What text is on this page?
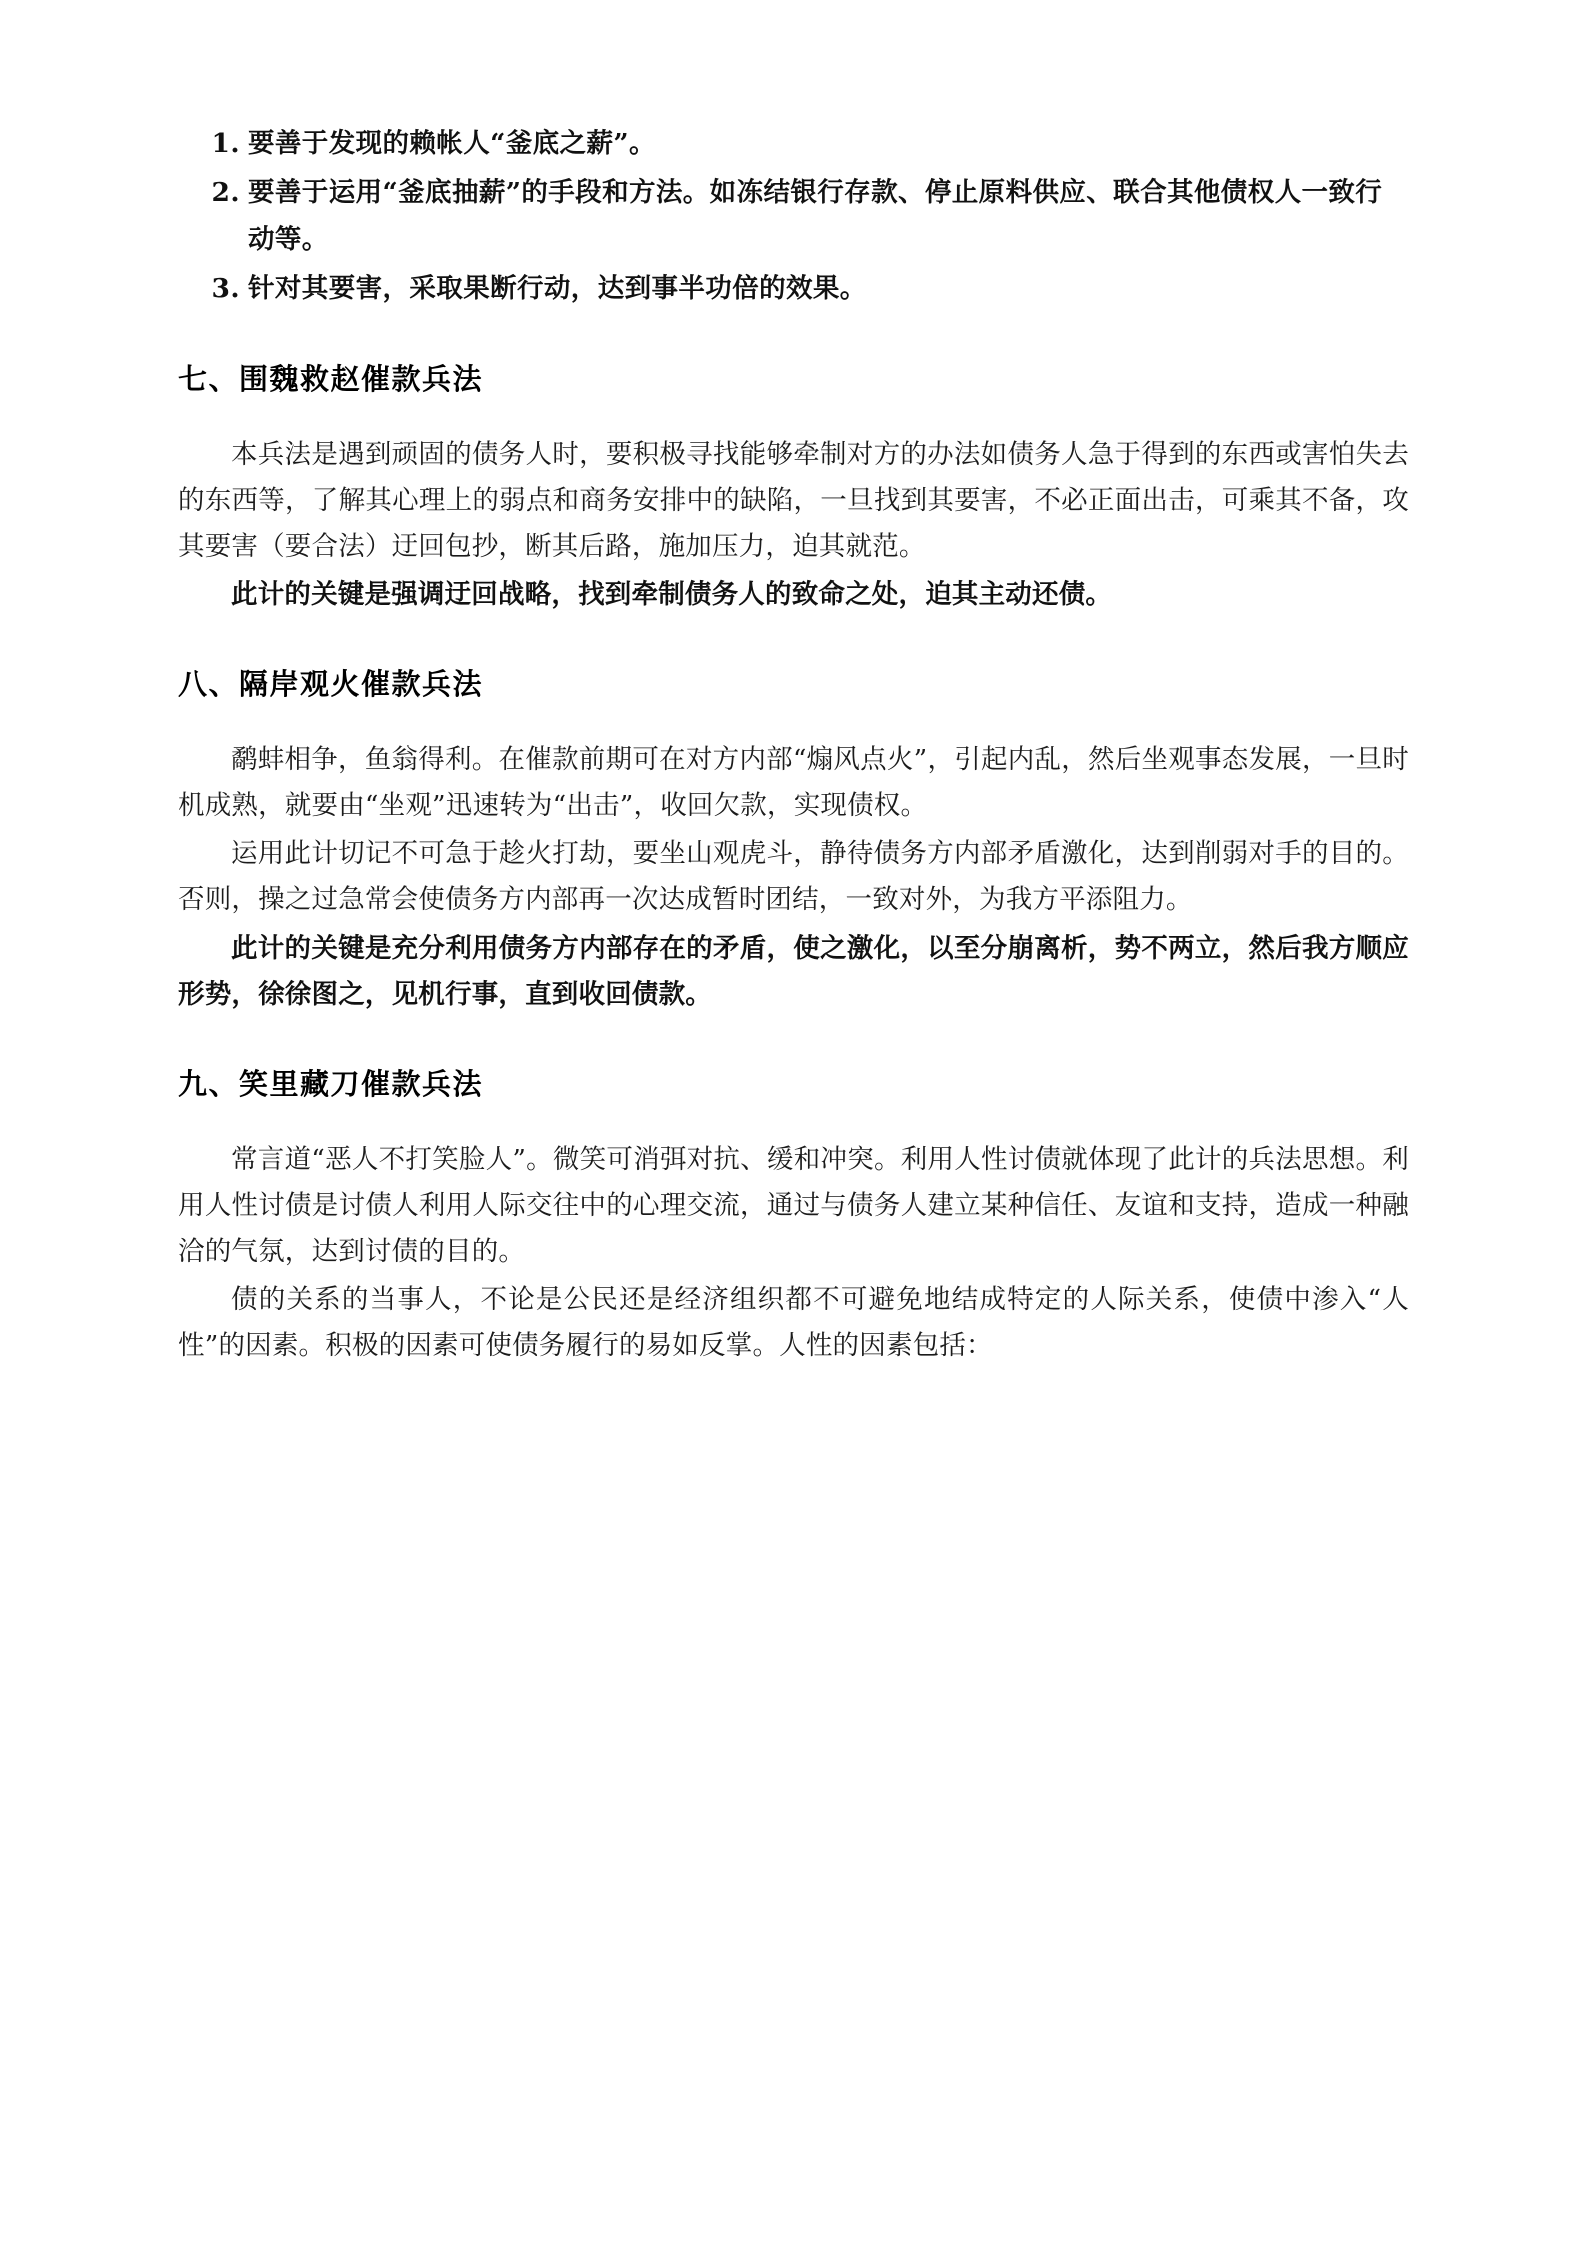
1. 要善于发现的赖帐人“釜底之薪”。
2. 要善于运用“釜底抽薪”的手段和方法。如冻结银行存款、停止原料供应、联合其他债权人一致行动等。
3. 针对其要害，采取果断行动，达到事半功倍的效果。
七、围魏救赵催款兵法

本兵法是遇到顽固的债务人时，要积极寻找能够牵制对方的办法如债务人急于得到的东西或害怕失去的东西等，了解其心理上的弱点和商务安排中的缺陷，一旦找到其要害，不必正面出击，可乘其不备，攻其要害（要合法）迂回包抄，断其后路，施加压力，迫其就范。

此计的关键是强调迂回战略，找到牵制债务人的致命之处，迫其主动还债。

八、隔岸观火催款兵法

鹬蚌相争，鱼翁得利。在催款前期可在对方内部“煽风点火”，引起内乱，然后坐观事态发展，一旦时机成熟，就要由“坐观”迅速转为“出击”，收回欠款，实现债权。

运用此计切记不可急于趁火打劫，要坐山观虎斗，静待债务方内部矛盾激化，达到削弱对手的目的。否则，操之过急常会使债务方内部再一次达成暂时团结，一致对外，为我方平添阻力。

此计的关键是充分利用债务方内部存在的矛盾，使之激化，以至分崩离析，势不两立，然后我方顺应形势，徐徐图之，见机行事，直到收回债款。

九、笑里藏刀催款兵法

常言道“恶人不打笑脸人”。微笑可消弭对抗、缓和冲突。利用人性讨债就体现了此计的兵法思想。利用人性讨债是讨债人利用人际交往中的心理交流，通过与债务人建立某种信任、友谊和支持，造成一种融洽的气氛，达到讨债的目的。

债的关系的当事人，不论是公民还是经济组织都不可避免地结成特定的人际关系，使债中渗入“人性”的因素。积极的因素可使债务履行的易如反掌。人性的因素包括：
